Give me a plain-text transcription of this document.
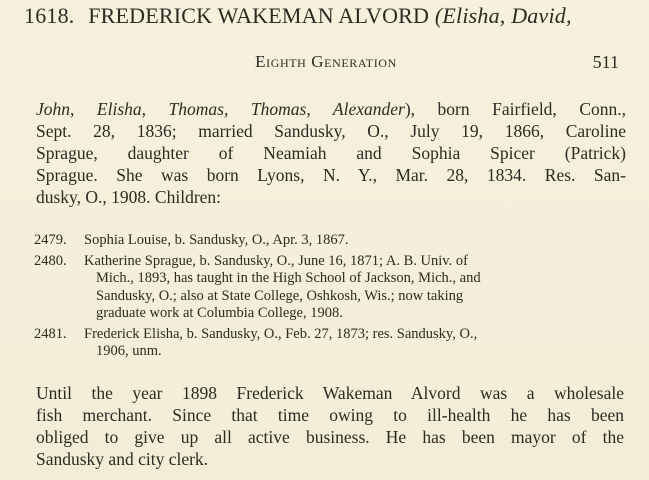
1618. FREDERICK WAKEMAN ALVORD (Elisha, David,
Eighth Generation	511
John, Elisha, Thomas, Thomas, Alexander), born Fairfield, Conn.,
Sept. 28, 1836; married Sandusky, O., July 19, 1866, Caroline
Sprague, daughter of Neamiah and Sophia Spicer (Patrick)
Sprague. She was born Lyons, N. Y., Mar. 28, 1834. Res. San-
dusky, O., 1908. Children:
2479.	Sophia Louise, b. Sandusky, O., Apr. 3, 1867.
2480.	Katherine Sprague, b. Sandusky, O., June 16, 1871; A. B. Univ. of
Mich., 1893, has taught in the High School of Jackson, Mich., and
Sandusky, O.; also at State College, Oshkosh, Wis.; now taking
graduate work at Columbia College, 1908.
2481.	Frederick Elisha, b. Sandusky, O., Feb. 27, 1873; res. Sandusky, O.,
1906, unm.
Until the year 1898 Frederick Wakeman Alvord was a wholesale
fish merchant. Since that time owing to ill-health he has been
obliged to give up all active business. He has been mayor of the
Sandusky and city clerk.
